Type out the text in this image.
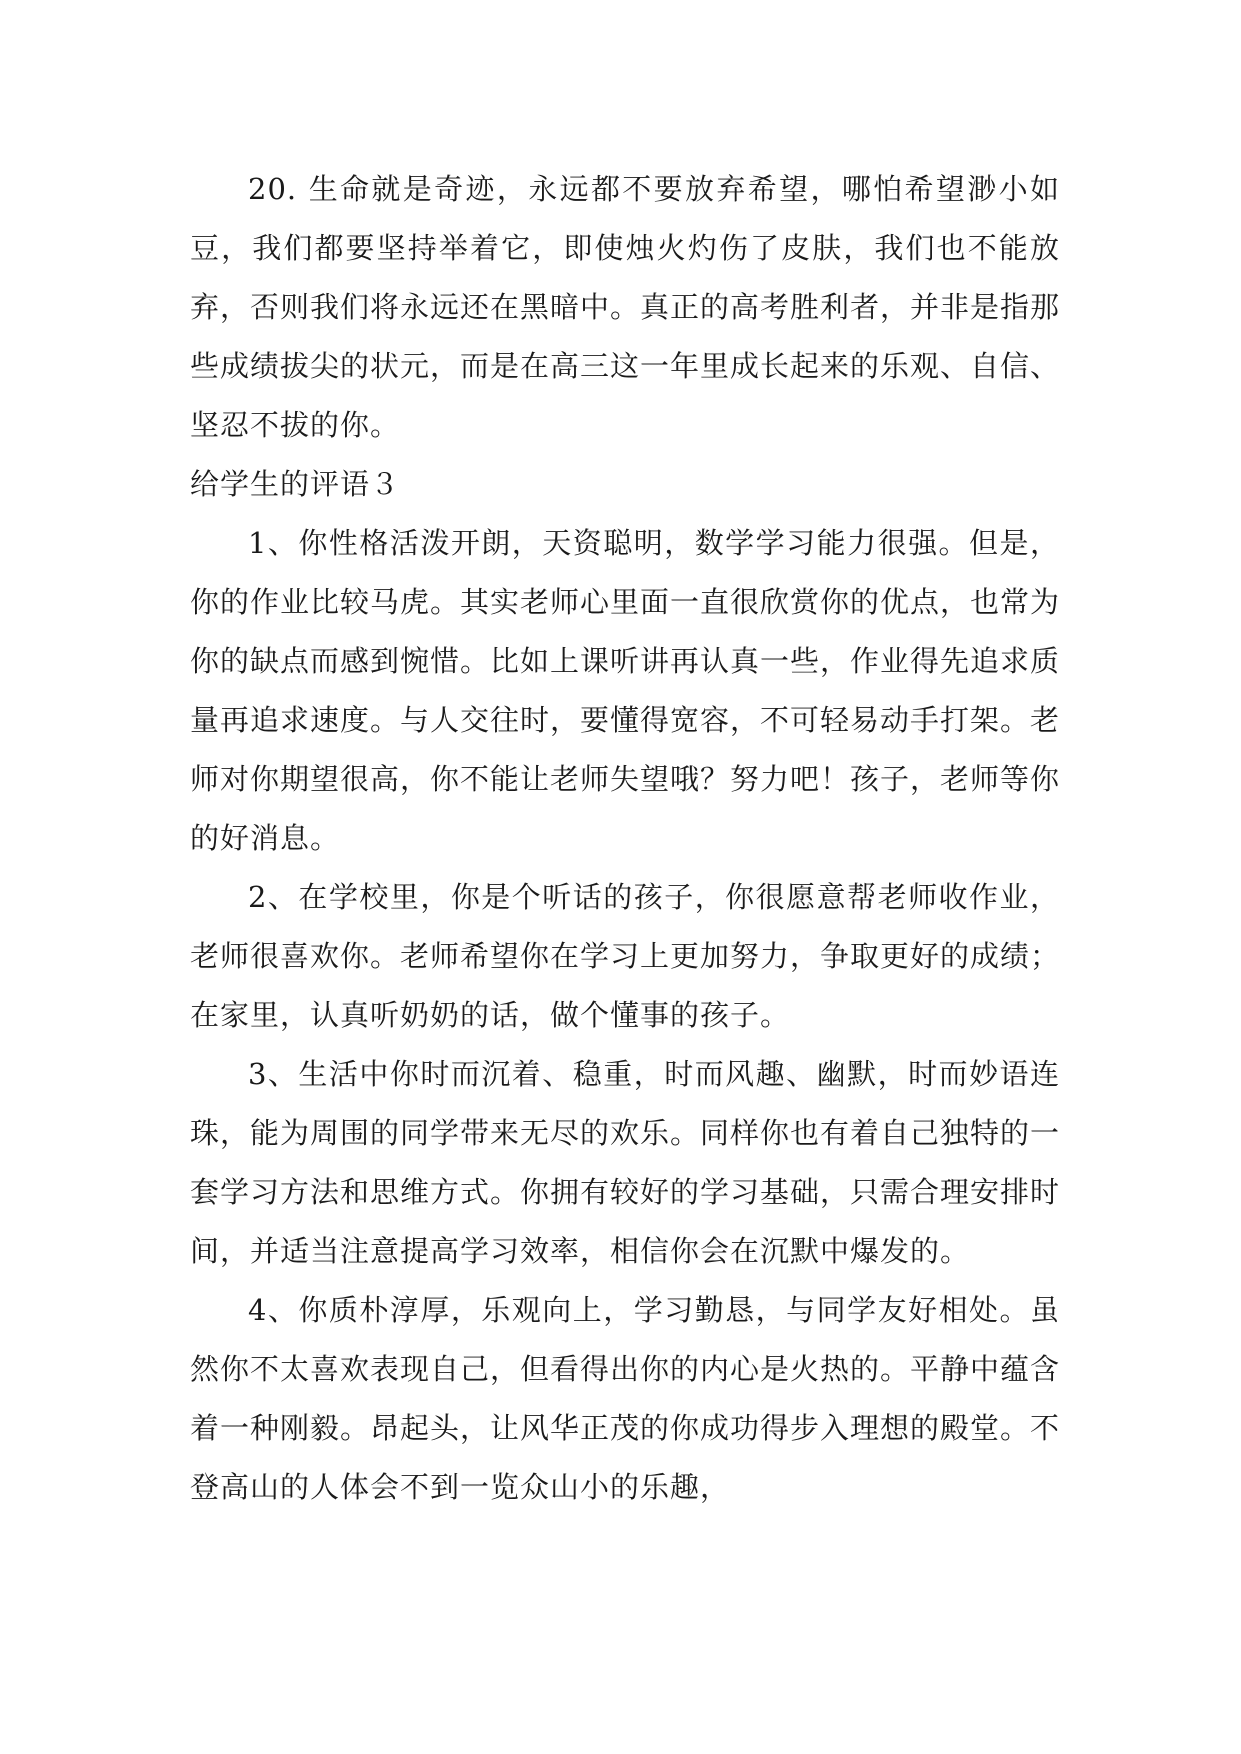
20. 生命就是奇迹，永远都不要放弃希望，哪怕希望渺小如豆，我们都要坚持举着它，即使烛火灼伤了皮肤，我们也不能放弃，否则我们将永远还在黑暗中。真正的高考胜利者，并非是指那些成绩拔尖的状元，而是在高三这一年里成长起来的乐观、自信、坚忍不拔的你。

给学生的评语３

1、你性格活泼开朗，天资聪明，数学学习能力很强。但是，你的作业比较马虎。其实老师心里面一直很欣赏你的优点，也常为你的缺点而感到惋惜。比如上课听讲再认真一些，作业得先追求质量再追求速度。与人交往时，要懂得宽容，不可轻易动手打架。老师对你期望很高，你不能让老师失望哦？努力吧！孩子，老师等你的好消息。

2、在学校里，你是个听话的孩子，你很愿意帮老师收作业，老师很喜欢你。老师希望你在学习上更加努力，争取更好的成绩；在家里，认真听奶奶的话，做个懂事的孩子。

3、生活中你时而沉着、稳重，时而风趣、幽默，时而妙语连珠，能为周围的同学带来无尽的欢乐。同样你也有着自己独特的一套学习方法和思维方式。你拥有较好的学习基础，只需合理安排时间，并适当注意提高学习效率，相信你会在沉默中爆发的。

4、你质朴淳厚，乐观向上，学习勤恳，与同学友好相处。虽然你不太喜欢表现自己，但看得出你的内心是火热的。平静中蕴含着一种刚毅。昂起头，让风华正茂的你成功得步入理想的殿堂。不登高山的人体会不到一览众山小的乐趣，
